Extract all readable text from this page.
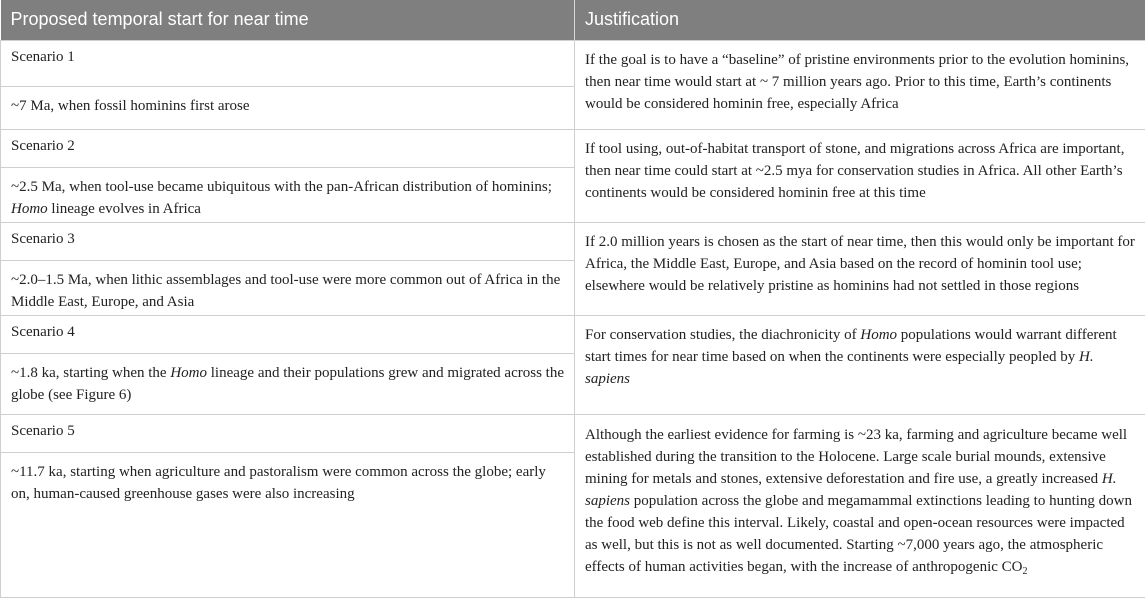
Proposed temporal start for near time	Justification
Scenario 1	If the goal is to have a “baseline” of pristine environments prior to the evolution hominins, then near time would start at ~ 7 million years ago. Prior to this time, Earth’s continents would be considered hominin free, especially Africa
~7 Ma, when fossil hominins first arose	
Scenario 2	If tool using, out-of-habitat transport of stone, and migrations across Africa are important, then near time could start at ~2.5 mya for conservation studies in Africa. All other Earth’s continents would be considered hominin free at this time
~2.5 Ma, when tool-use became ubiquitous with the pan-African distribution of hominins; Homo lineage evolves in Africa	
Scenario 3	If 2.0 million years is chosen as the start of near time, then this would only be important for Africa, the Middle East, Europe, and Asia based on the record of hominin tool use; elsewhere would be relatively pristine as hominins had not settled in those regions
~2.0–1.5 Ma, when lithic assemblages and tool-use were more common out of Africa in the Middle East, Europe, and Asia	
Scenario 4	For conservation studies, the diachronicity of Homo populations would warrant different start times for near time based on when the continents were especially peopled by H. sapiens
~1.8 ka, starting when the Homo lineage and their populations grew and migrated across the globe (see Figure 6)	
Scenario 5	Although the earliest evidence for farming is ~23 ka, farming and agriculture became well established during the transition to the Holocene. Large scale burial mounds, extensive mining for metals and stones, extensive deforestation and fire use, a greatly increased H. sapiens population across the globe and megamammal extinctions leading to hunting down the food web define this interval. Likely, coastal and open-ocean resources were impacted as well, but this is not as well documented. Starting ~7,000 years ago, the atmospheric effects of human activities began, with the increase of anthropogenic $CO_2$
~11.7 ka, starting when agriculture and pastoralism were common across the globe; early on, human-caused greenhouse gases were also increasing	
